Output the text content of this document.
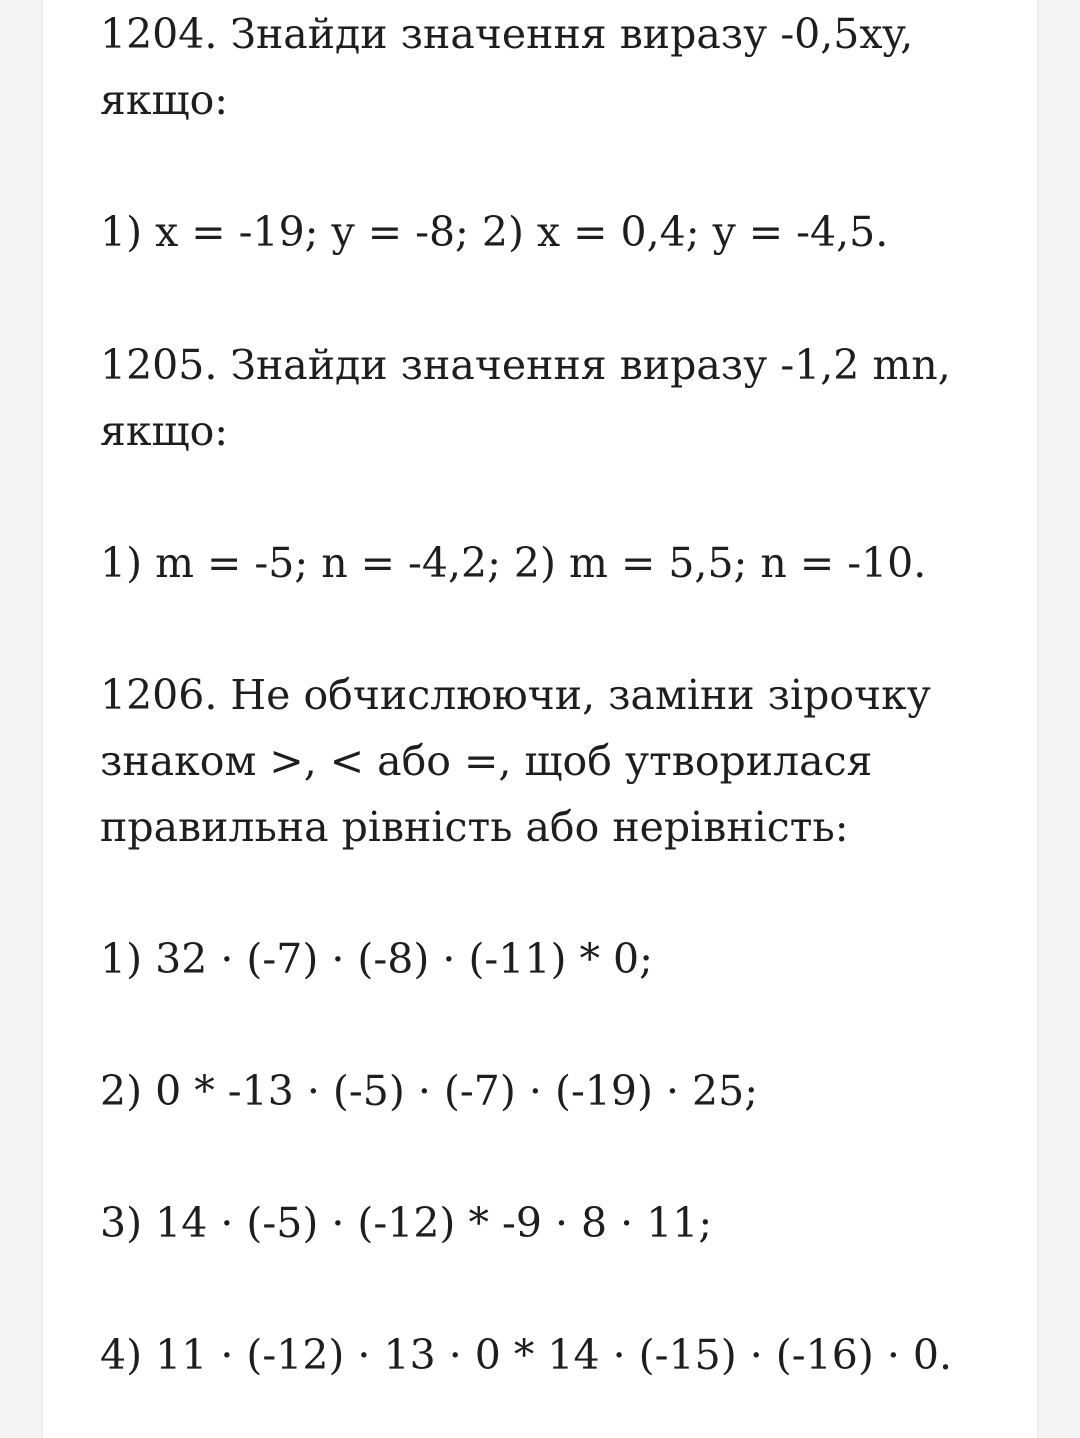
1204. Знайди значення виразу -0,5xy,
якщо:
1) x = -19; y = -8; 2) x = 0,4; y = -4,5.
1205. Знайди значення виразу -1,2 mn,
якщо:
1) m = -5; n = -4,2; 2) m = 5,5; n = -10.
1206. Не обчислюючи, заміни зірочку
знаком >, < або =, щоб утворилася
правильна рівність або нерівність:
1) 32 · (-7) · (-8) · (-11) * 0;
2) 0 * -13 · (-5) · (-7) · (-19) · 25;
3) 14 · (-5) · (-12) * -9 · 8 · 11;
4) 11 · (-12) · 13 · 0 * 14 · (-15) · (-16) · 0.
